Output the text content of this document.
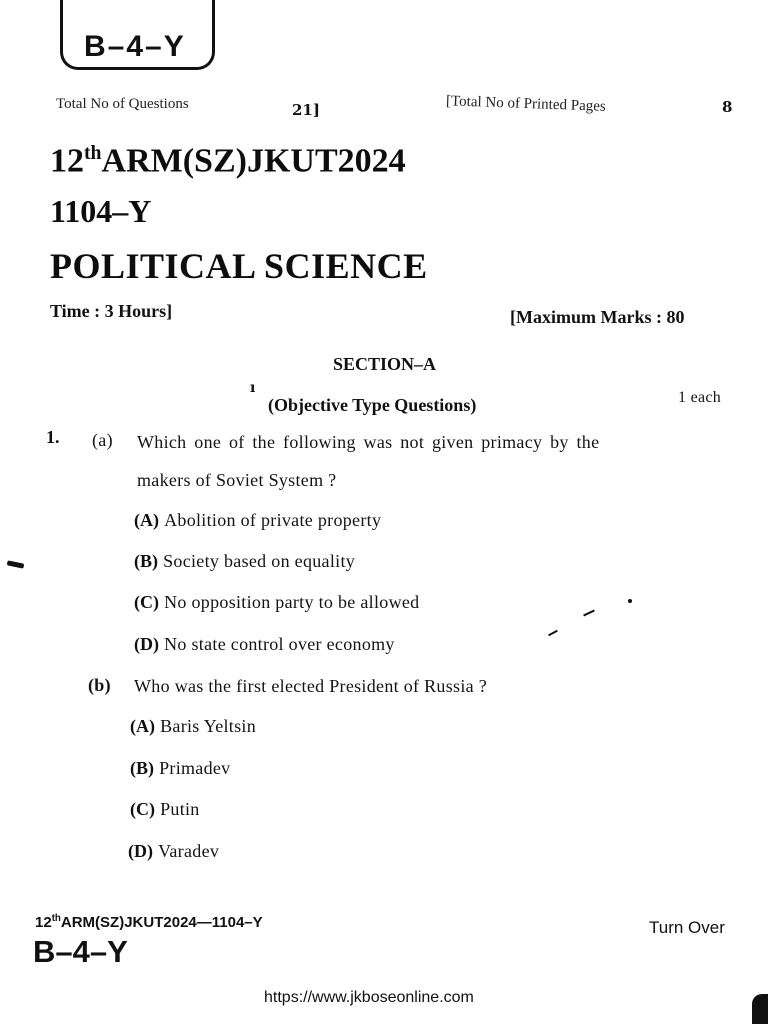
B–4–Y
Total No of Questions	21]	[Total No of Printed Pages	8
12thARM(SZ)JKUT2024
1104–Y
POLITICAL SCIENCE
Time : 3 Hours]	[Maximum Marks : 80
SECTION–A
ı
(Objective Type Questions)	1 each
1. (a) Which one of the following was not given primacy by the
makers of Soviet System ?
(A) Abolition of private property
(B) Society based on equality
(C) No opposition party to be allowed
(D) No state control over economy
(b) Who was the first elected President of Russia ?
(A) Baris Yeltsin
(B) Primadev
(C) Putin
(D) Varadev
12thARM(SZ)JKUT2024—1104–Y	Turn Over
B–4–Y
https://www.jkboseonline.com
